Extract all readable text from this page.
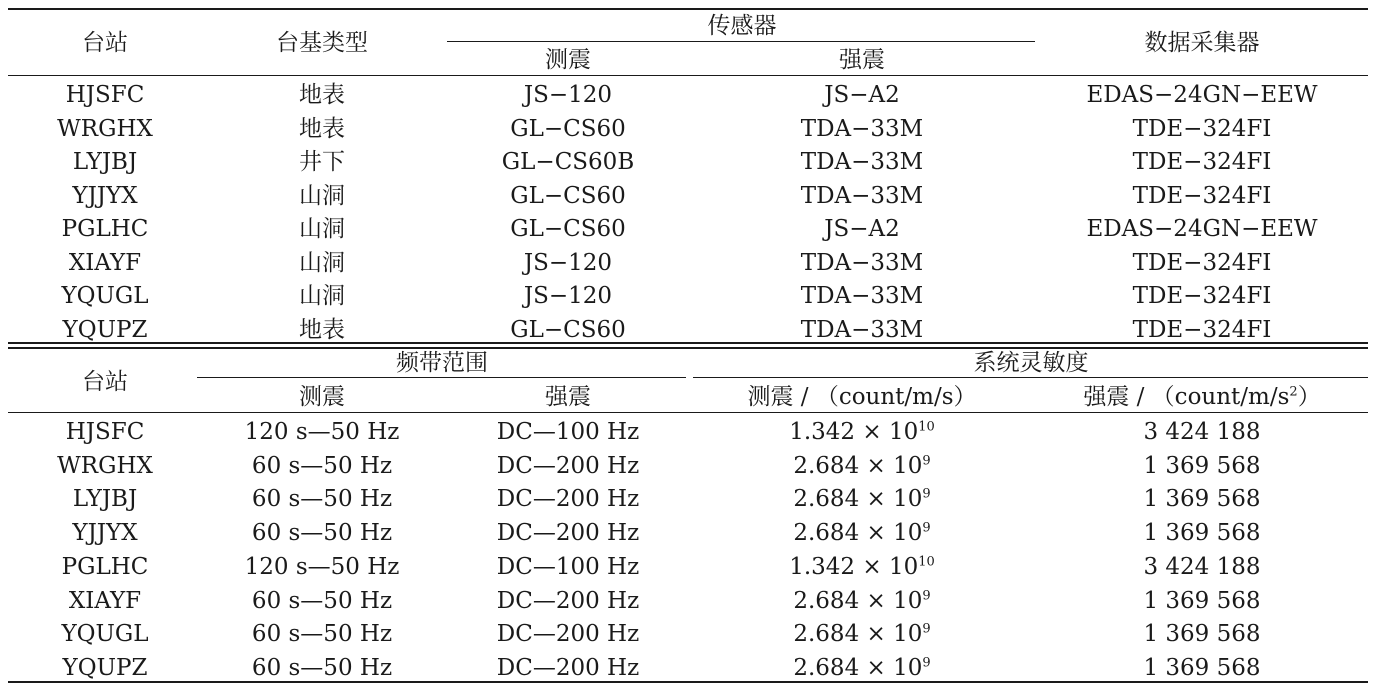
台站	台基类型
传感器
测震	强震
数据采集器
HJSFC	地表	JS−120	JS−A2	EDAS−24GN−EEW
WRGHX	地表	GL−CS60	TDA−33M	TDE−324FI
LYJBJ	井下	GL−CS60B	TDA−33M	TDE−324FI
YJJYX	山洞	GL−CS60	TDA−33M	TDE−324FI
PGLHC	山洞	GL−CS60	JS−A2	EDAS−24GN−EEW
XIAYF	山洞	JS−120	TDA−33M	TDE−324FI
YQUGL	山洞	JS−120	TDA−33M	TDE−324FI
YQUPZ	地表	GL−CS60	TDA−33M	TDE−324FI
台站
频带范围
测震	强震
系统灵敏度
测震 / （count/m/s）	强震 / $(count/m/s^2)$
HJSFC	120 s—50 Hz	DC—100 Hz	$1.342 \times 10^{10}$	3 424 188
WRGHX	60 s—50 Hz	DC—200 Hz	$2.684 \times 10^9$	1 369 568
LYJBJ	60 s—50 Hz	DC—200 Hz	$2.684 \times 10^9$	1 369 568
YJJYX	60 s—50 Hz	DC—200 Hz	$2.684 \times 10^9$	1 369 568
PGLHC	120 s—50 Hz	DC—100 Hz	$1.342 \times 10^{10}$	3 424 188
XIAYF	60 s—50 Hz	DC—200 Hz	$2.684 \times 10^9$	1 369 568
YQUGL	60 s—50 Hz	DC—200 Hz	$2.684 \times 10^9$	1 369 568
YQUPZ	60 s—50 Hz	DC—200 Hz	$2.684 \times 10^9$	1 369 568
